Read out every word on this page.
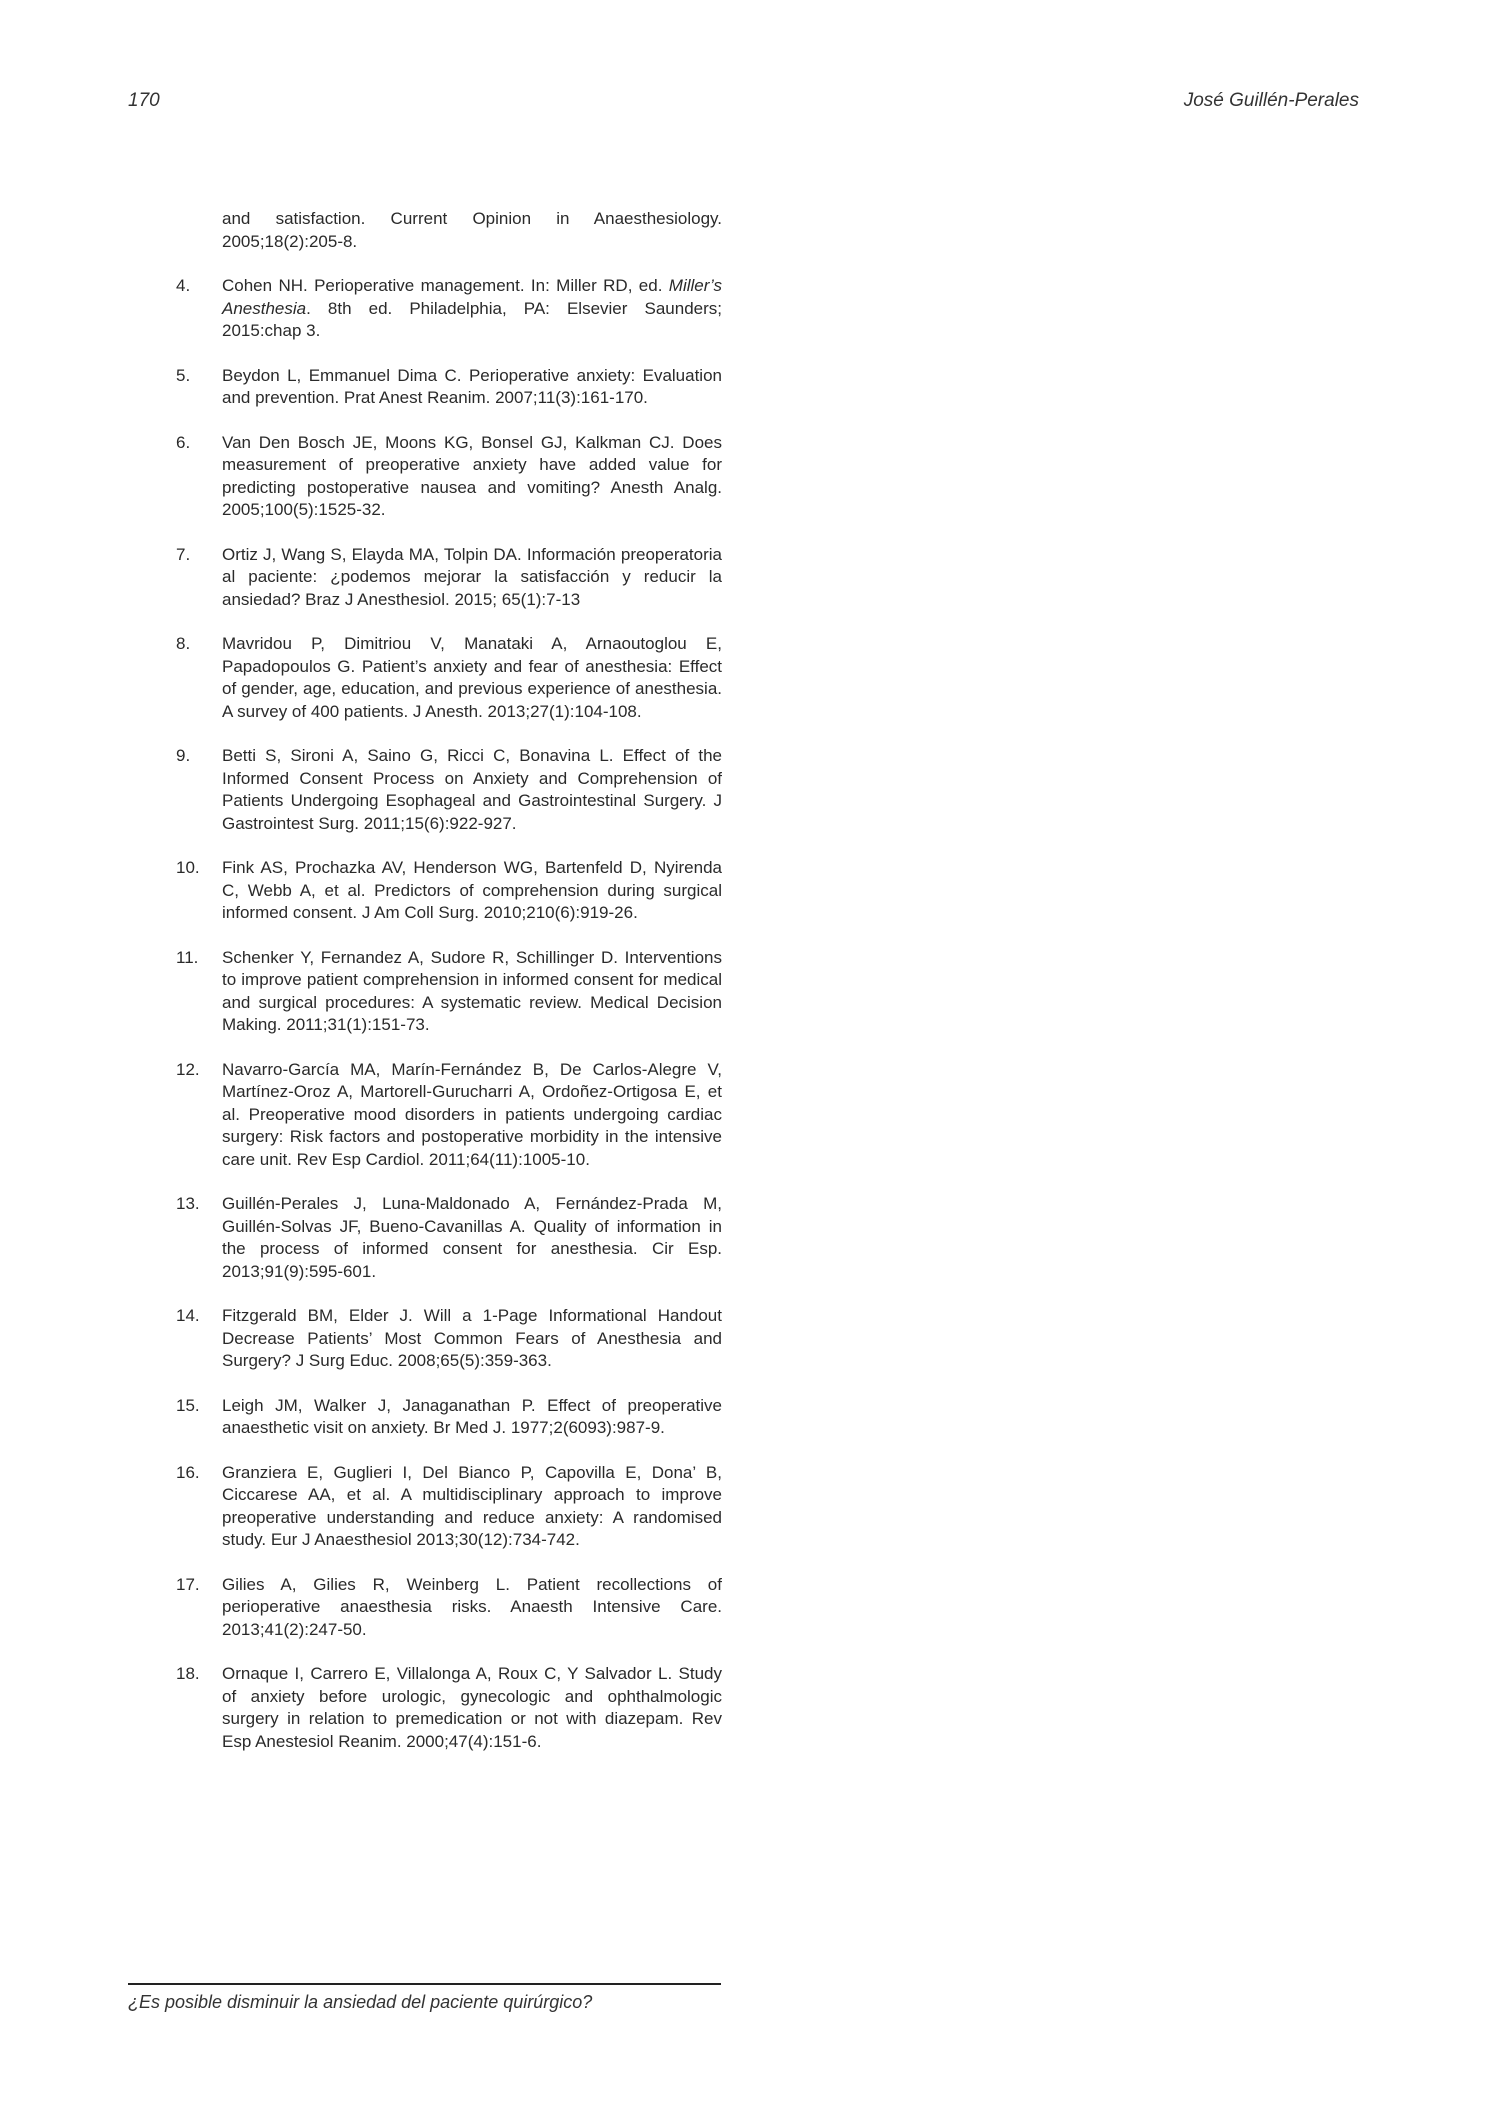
170	José Guillén-Perales
and satisfaction. Current Opinion in Anaesthesiology. 2005;18(2):205-8.
4.	Cohen NH. Perioperative management. In: Miller RD, ed. Miller’s Anesthesia. 8th ed. Philadelphia, PA: Elsevier Saunders; 2015:chap 3.
5.	Beydon L, Emmanuel Dima C. Perioperative anxiety: Evaluation and prevention. Prat Anest Reanim. 2007;11(3):161-170.
6.	Van Den Bosch JE, Moons KG, Bonsel GJ, Kalkman CJ. Does measurement of preoperative anxiety have added value for predicting postoperative nausea and vomiting? Anesth Analg. 2005;100(5):1525-32.
7.	Ortiz J, Wang S, Elayda MA, Tolpin DA. Información preoperatoria al paciente: ¿podemos mejorar la satisfacción y reducir la ansiedad? Braz J Anesthesiol. 2015; 65(1):7-13
8.	Mavridou P, Dimitriou V, Manataki A, Arnaoutoglou E, Papadopoulos G. Patient’s anxiety and fear of anesthesia: Effect of gender, age, education, and previous experience of anesthesia. A survey of 400 patients. J Anesth. 2013;27(1):104-108.
9.	Betti S, Sironi A, Saino G, Ricci C, Bonavina L. Effect of the Informed Consent Process on Anxiety and Comprehension of Patients Undergoing Esophageal and Gastrointestinal Surgery. J Gastrointest Surg. 2011;15(6):922-927.
10.	Fink AS, Prochazka AV, Henderson WG, Bartenfeld D, Nyirenda C, Webb A, et al. Predictors of comprehension during surgical informed consent. J Am Coll Surg. 2010;210(6):919-26.
11.	Schenker Y, Fernandez A, Sudore R, Schillinger D. Interventions to improve patient comprehension in informed consent for medical and surgical procedures: A systematic review. Medical Decision Making. 2011;31(1):151-73.
12.	Navarro-García MA, Marín-Fernández B, De Carlos-Alegre V, Martínez-Oroz A, Martorell-Gurucharri A, Ordoñez-Ortigosa E, et al. Preoperative mood disorders in patients undergoing cardiac surgery: Risk factors and postoperative morbidity in the intensive care unit. Rev Esp Cardiol. 2011;64(11):1005-10.
13.	Guillén-Perales J, Luna-Maldonado A, Fernández-Prada M, Guillén-Solvas JF, Bueno-Cavanillas A. Quality of information in the process of informed consent for anesthesia. Cir Esp. 2013;91(9):595-601.
14.	Fitzgerald BM, Elder J. Will a 1-Page Informational Handout Decrease Patients’ Most Common Fears of Anesthesia and Surgery? J Surg Educ. 2008;65(5):359-363.
15.	Leigh JM, Walker J, Janaganathan P. Effect of preoperative anaesthetic visit on anxiety. Br Med J. 1977;2(6093):987-9.
16.	Granziera E, Guglieri I, Del Bianco P, Capovilla E, Dona’ B, Ciccarese AA, et al. A multidisciplinary approach to improve preoperative understanding and reduce anxiety: A randomised study. Eur J Anaesthesiol 2013;30(12):734-742.
17.	Gilies A, Gilies R, Weinberg L. Patient recollections of perioperative anaesthesia risks. Anaesth Intensive Care. 2013;41(2):247-50.
18.	Ornaque I, Carrero E, Villalonga A, Roux C, Y Salvador L. Study of anxiety before urologic, gynecologic and ophthalmologic surgery in relation to premedication or not with diazepam. Rev Esp Anestesiol Reanim. 2000;47(4):151-6.
¿Es posible disminuir la ansiedad del paciente quirúrgico?
